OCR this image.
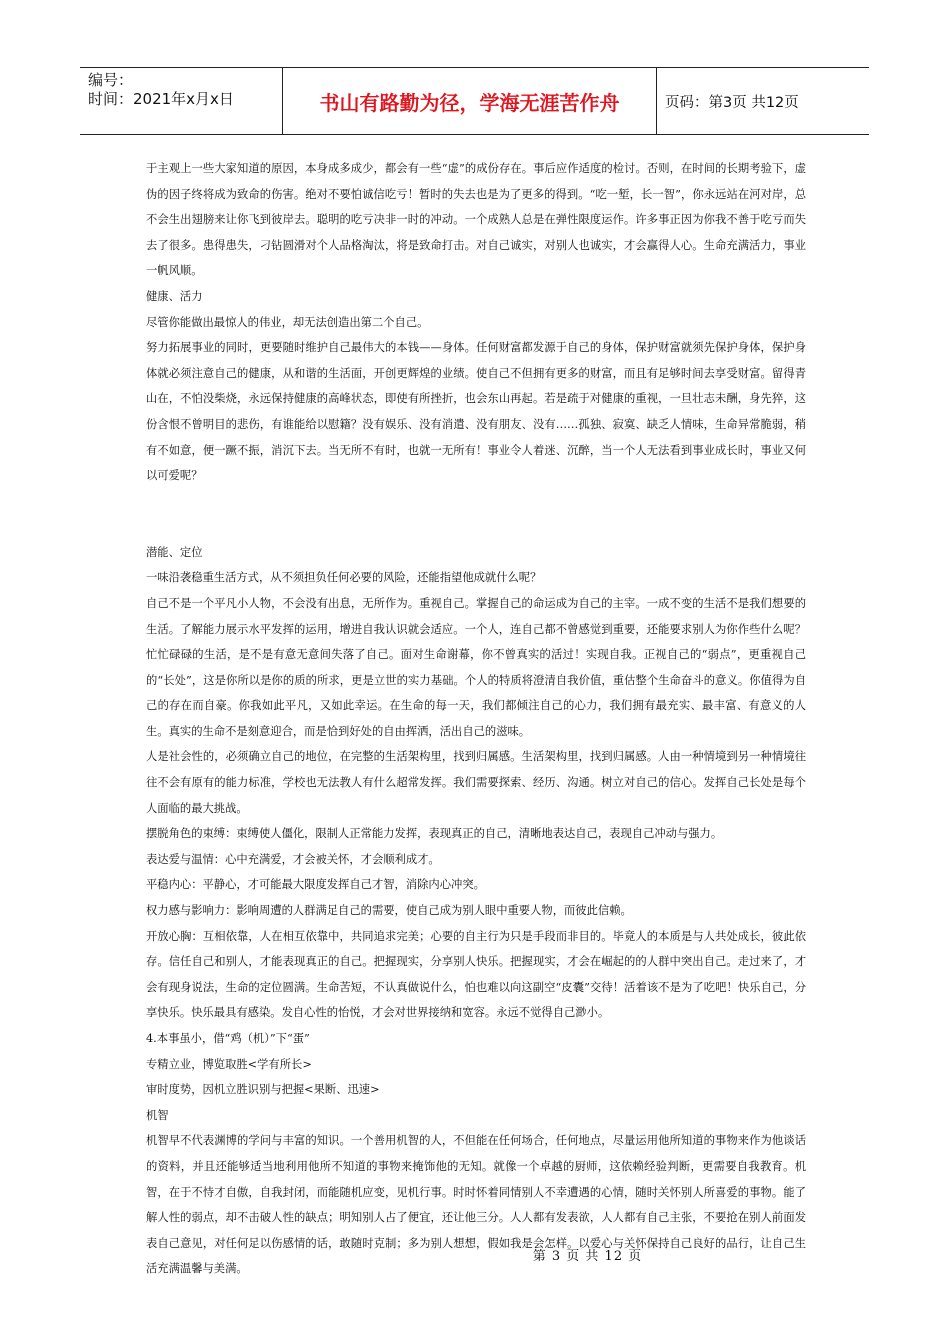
编号：
时间：2021年x月x日	书山有路勤为径，学海无涯苦作舟	页码：第3页 共12页

于主观上一些大家知道的原因，本身成多成少，都会有一些“虚”的成份存在。事后应作适度的检讨。否则，在时间的长期考验下，虚伪的因子终将成为致命的伤害。绝对不要怕诚信吃亏！暂时的失去也是为了更多的得到。“吃一堑，长一智”，你永远站在河对岸，总不会生出翅膀来让你飞到彼岸去。聪明的吃亏决非一时的冲动。一个成熟人总是在弹性限度运作。许多事正因为你我不善于吃亏而失去了很多。患得患失，刁钻圆滑对个人品格淘汰，将是致命打击。对自己诚实，对别人也诚实，才会赢得人心。生命充满活力，事业一帆风顺。

健康、活力

尽管你能做出最惊人的伟业，却无法创造出第二个自己。

努力拓展事业的同时，更要随时维护自己最伟大的本钱——身体。任何财富都发源于自己的身体，保护财富就须先保护身体，保护身体就必须注意自己的健康，从和谐的生活面，开创更辉煌的业绩。使自己不但拥有更多的财富，而且有足够时间去享受财富。留得青山在，不怕没柴烧，永远保持健康的高峰状态，即使有所挫折，也会东山再起。若是疏于对健康的重视，一旦壮志未酬，身先猝，这份含恨不曾明目的悲伤，有谁能给以慰籍？没有娱乐、没有消遣、没有朋友、没有……孤独、寂寞、缺乏人情味，生命异常脆弱，稍有不如意，便一蹶不振，消沉下去。当无所不有时，也就一无所有！事业令人着迷、沉醉，当一个人无法看到事业成长时，事业又何以可爱呢？

潜能、定位

一味沿袭稳重生活方式，从不须担负任何必要的风险，还能指望他成就什么呢？

自己不是一个平凡小人物，不会没有出息，无所作为。重视自己。掌握自己的命运成为自己的主宰。一成不变的生活不是我们想要的生活。了解能力展示水平发挥的运用，增进自我认识就会适应。一个人，连自己都不曾感觉到重要，还能要求别人为你作些什么呢？忙忙碌碌的生活，是不是有意无意间失落了自己。面对生命谢幕，你不曾真实的活过！实现自我。正视自己的“弱点”，更重视自己的“长处”，这是你所以是你的质的所求，更是立世的实力基础。个人的特质将澄清自我价值，重估整个生命奋斗的意义。你值得为自己的存在而自豪。你我如此平凡，又如此幸运。在生命的每一天，我们都倾注自己的心力，我们拥有最充实、最丰富、有意义的人生。真实的生命不是刻意迎合，而是恰到好处的自由挥洒，活出自己的滋味。

人是社会性的，必须确立自己的地位，在完整的生活架构里，找到归属感。生活架构里，找到归属感。人由一种情境到另一种情境往往不会有原有的能力标准，学校也无法教人有什么超常发挥。我们需要探索、经历、沟通。树立对自己的信心。发挥自己长处是每个人面临的最大挑战。

摆脱角色的束缚：束缚使人僵化，限制人正常能力发挥，表现真正的自己，清晰地表达自己，表现自己冲动与强力。

表达爱与温情：心中充满爱，才会被关怀，才会顺利成才。

平稳内心：平静心，才可能最大限度发挥自己才智，消除内心冲突。

权力感与影响力：影响周遭的人群满足自己的需要，使自己成为别人眼中重要人物，而彼此信赖。

开放心胸：互相依靠，人在相互依靠中，共同追求完美；心要的自主行为只是手段而非目的。毕竟人的本质是与人共处成长，彼此依存。信任自己和别人，才能表现真正的自己。把握现实，分享别人快乐。把握现实，才会在崛起的的人群中突出自己。走过来了，才会有现身说法，生命的定位圆满。生命苦短，不认真做说什么，怕也难以向这副空“皮囊”交待！活着该不是为了吃吧！快乐自己，分享快乐。快乐最具有感染。发自心性的怡悦，才会对世界接纳和宽容。永远不觉得自己渺小。

4.本事虽小，借“鸡（机）”下“蛋”

专精立业，博览取胜<学有所长>

审时度势，因机立胜识别与把握<果断、迅速>

机智

机智早不代表渊博的学问与丰富的知识。一个善用机智的人，不但能在任何场合，任何地点，尽量运用他所知道的事物来作为他谈话的资料，并且还能够适当地利用他所不知道的事物来掩饰他的无知。就像一个卓越的厨师，这依赖经验判断，更需要自我教育。机智，在于不恃才自傲，自我封闭，而能随机应变，见机行事。时时怀着同情别人不幸遭遇的心情，随时关怀别人所喜爱的事物。能了解人性的弱点，却不击破人性的缺点；明知别人占了便宜，还让他三分。人人都有发表欲，人人都有自己主张，不要抢在别人前面发表自己意见，对任何足以伤感情的话，敢随时克制；多为别人想想，假如我是会怎样。以爱心与关怀保持自己良好的品行，让自己生活充满温馨与美满。

第 3 页 共 12 页
